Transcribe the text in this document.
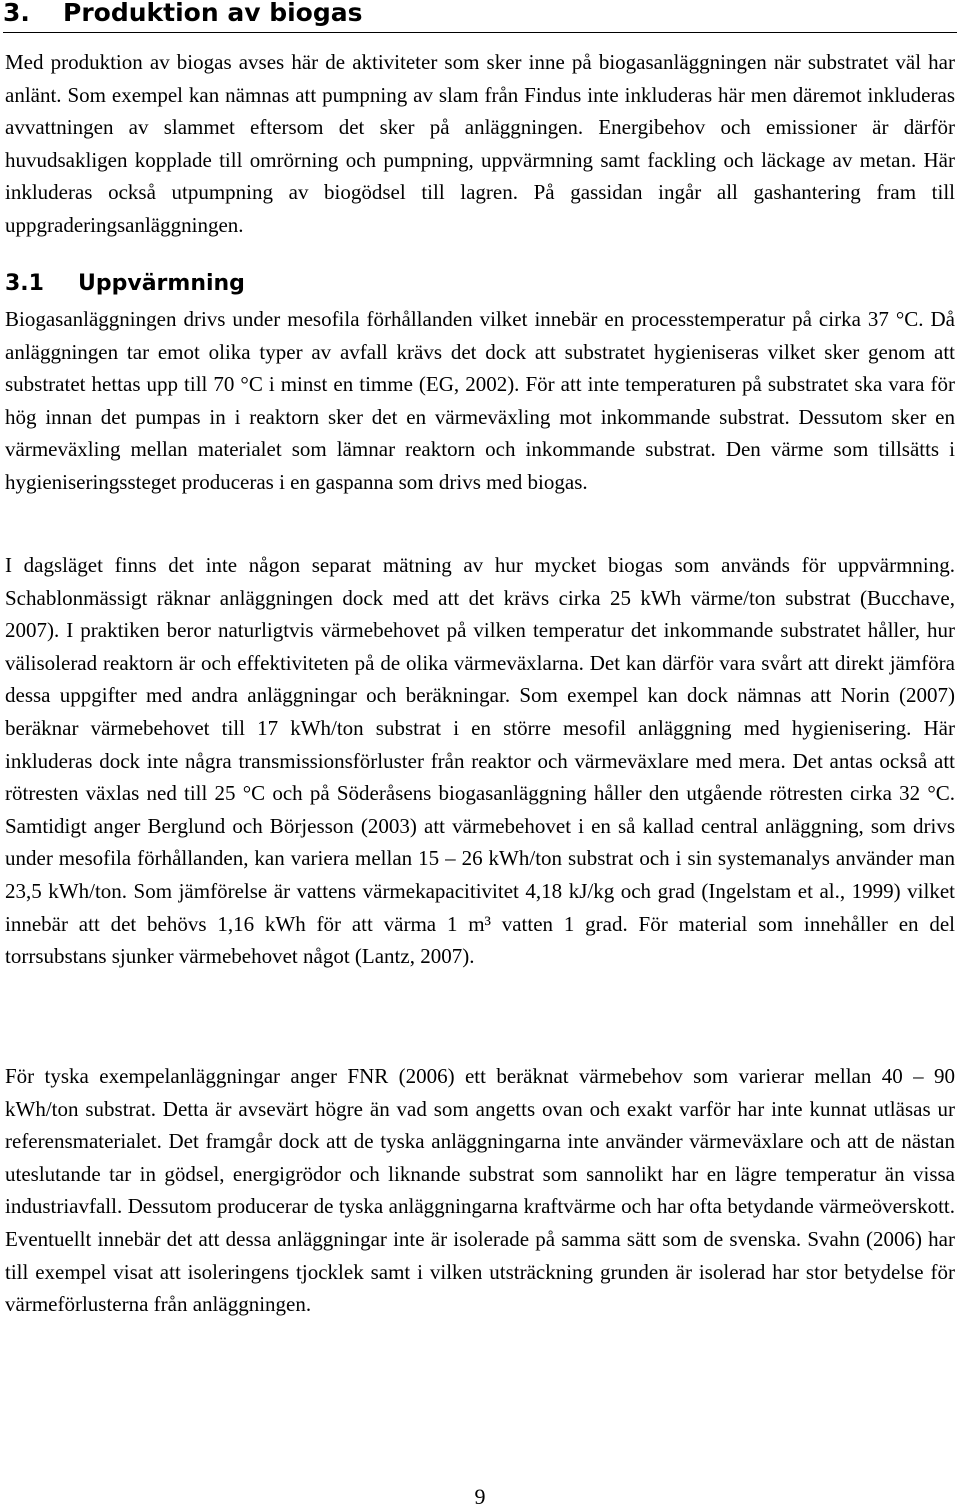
3. Produktion av biogas

Med produktion av biogas avses här de aktiviteter som sker inne på biogasanläggningen när substratet väl har anlänt. Som exempel kan nämnas att pumpning av slam från Findus inte inkluderas här men däremot inkluderas avvattningen av slammet eftersom det sker på anläggningen. Energibehov och emissioner är därför huvudsakligen kopplade till omrörning och pumpning, uppvärmning samt fackling och läckage av metan. Här inkluderas också utpumpning av biogödsel till lagren. På gassidan ingår all gashantering fram till uppgraderingsanläggningen.

3.1 Uppvärmning

Biogasanläggningen drivs under mesofila förhållanden vilket innebär en processtemperatur på cirka 37 °C. Då anläggningen tar emot olika typer av avfall krävs det dock att substratet hygieniseras vilket sker genom att substratet hettas upp till 70 °C i minst en timme (EG, 2002). För att inte temperaturen på substratet ska vara för hög innan det pumpas in i reaktorn sker det en värmeväxling mot inkommande substrat. Dessutom sker en värmeväxling mellan materialet som lämnar reaktorn och inkommande substrat. Den värme som tillsätts i hygieniseringssteget produceras i en gaspanna som drivs med biogas.

I dagsläget finns det inte någon separat mätning av hur mycket biogas som används för uppvärmning. Schablonmässigt räknar anläggningen dock med att det krävs cirka 25 kWh värme/ton substrat (Bucchave, 2007). I praktiken beror naturligtvis värmebehovet på vilken temperatur det inkommande substratet håller, hur välisolerad reaktorn är och effektiviteten på de olika värmeväxlarna. Det kan därför vara svårt att direkt jämföra dessa uppgifter med andra anläggningar och beräkningar. Som exempel kan dock nämnas att Norin (2007) beräknar värmebehovet till 17 kWh/ton substrat i en större mesofil anläggning med hygienisering. Här inkluderas dock inte några transmissionsförluster från reaktor och värmeväxlare med mera. Det antas också att rötresten växlas ned till 25 °C och på Söderåsens biogasanläggning håller den utgående rötresten cirka 32 °C. Samtidigt anger Berglund och Börjesson (2003) att värmebehovet i en så kallad central anläggning, som drivs under mesofila förhållanden, kan variera mellan 15 – 26 kWh/ton substrat och i sin systemanalys använder man 23,5 kWh/ton. Som jämförelse är vattens värmekapacitivitet 4,18 kJ/kg och grad (Ingelstam et al., 1999) vilket innebär att det behövs 1,16 kWh för att värma 1 m³ vatten 1 grad. För material som innehåller en del torrsubstans sjunker värmebehovet något (Lantz, 2007).

För tyska exempelanläggningar anger FNR (2006) ett beräknat värmebehov som varierar mellan 40 – 90 kWh/ton substrat. Detta är avsevärt högre än vad som angetts ovan och exakt varför har inte kunnat utläsas ur referensmaterialet. Det framgår dock att de tyska anläggningarna inte använder värmeväxlare och att de nästan uteslutande tar in gödsel, energigrödor och liknande substrat som sannolikt har en lägre temperatur än vissa industriavfall. Dessutom producerar de tyska anläggningarna kraftvärme och har ofta betydande värmeöverskott. Eventuellt innebär det att dessa anläggningar inte är isolerade på samma sätt som de svenska. Svahn (2006) har till exempel visat att isoleringens tjocklek samt i vilken utsträckning grunden är isolerad har stor betydelse för värmeförlusterna från anläggningen.

9
